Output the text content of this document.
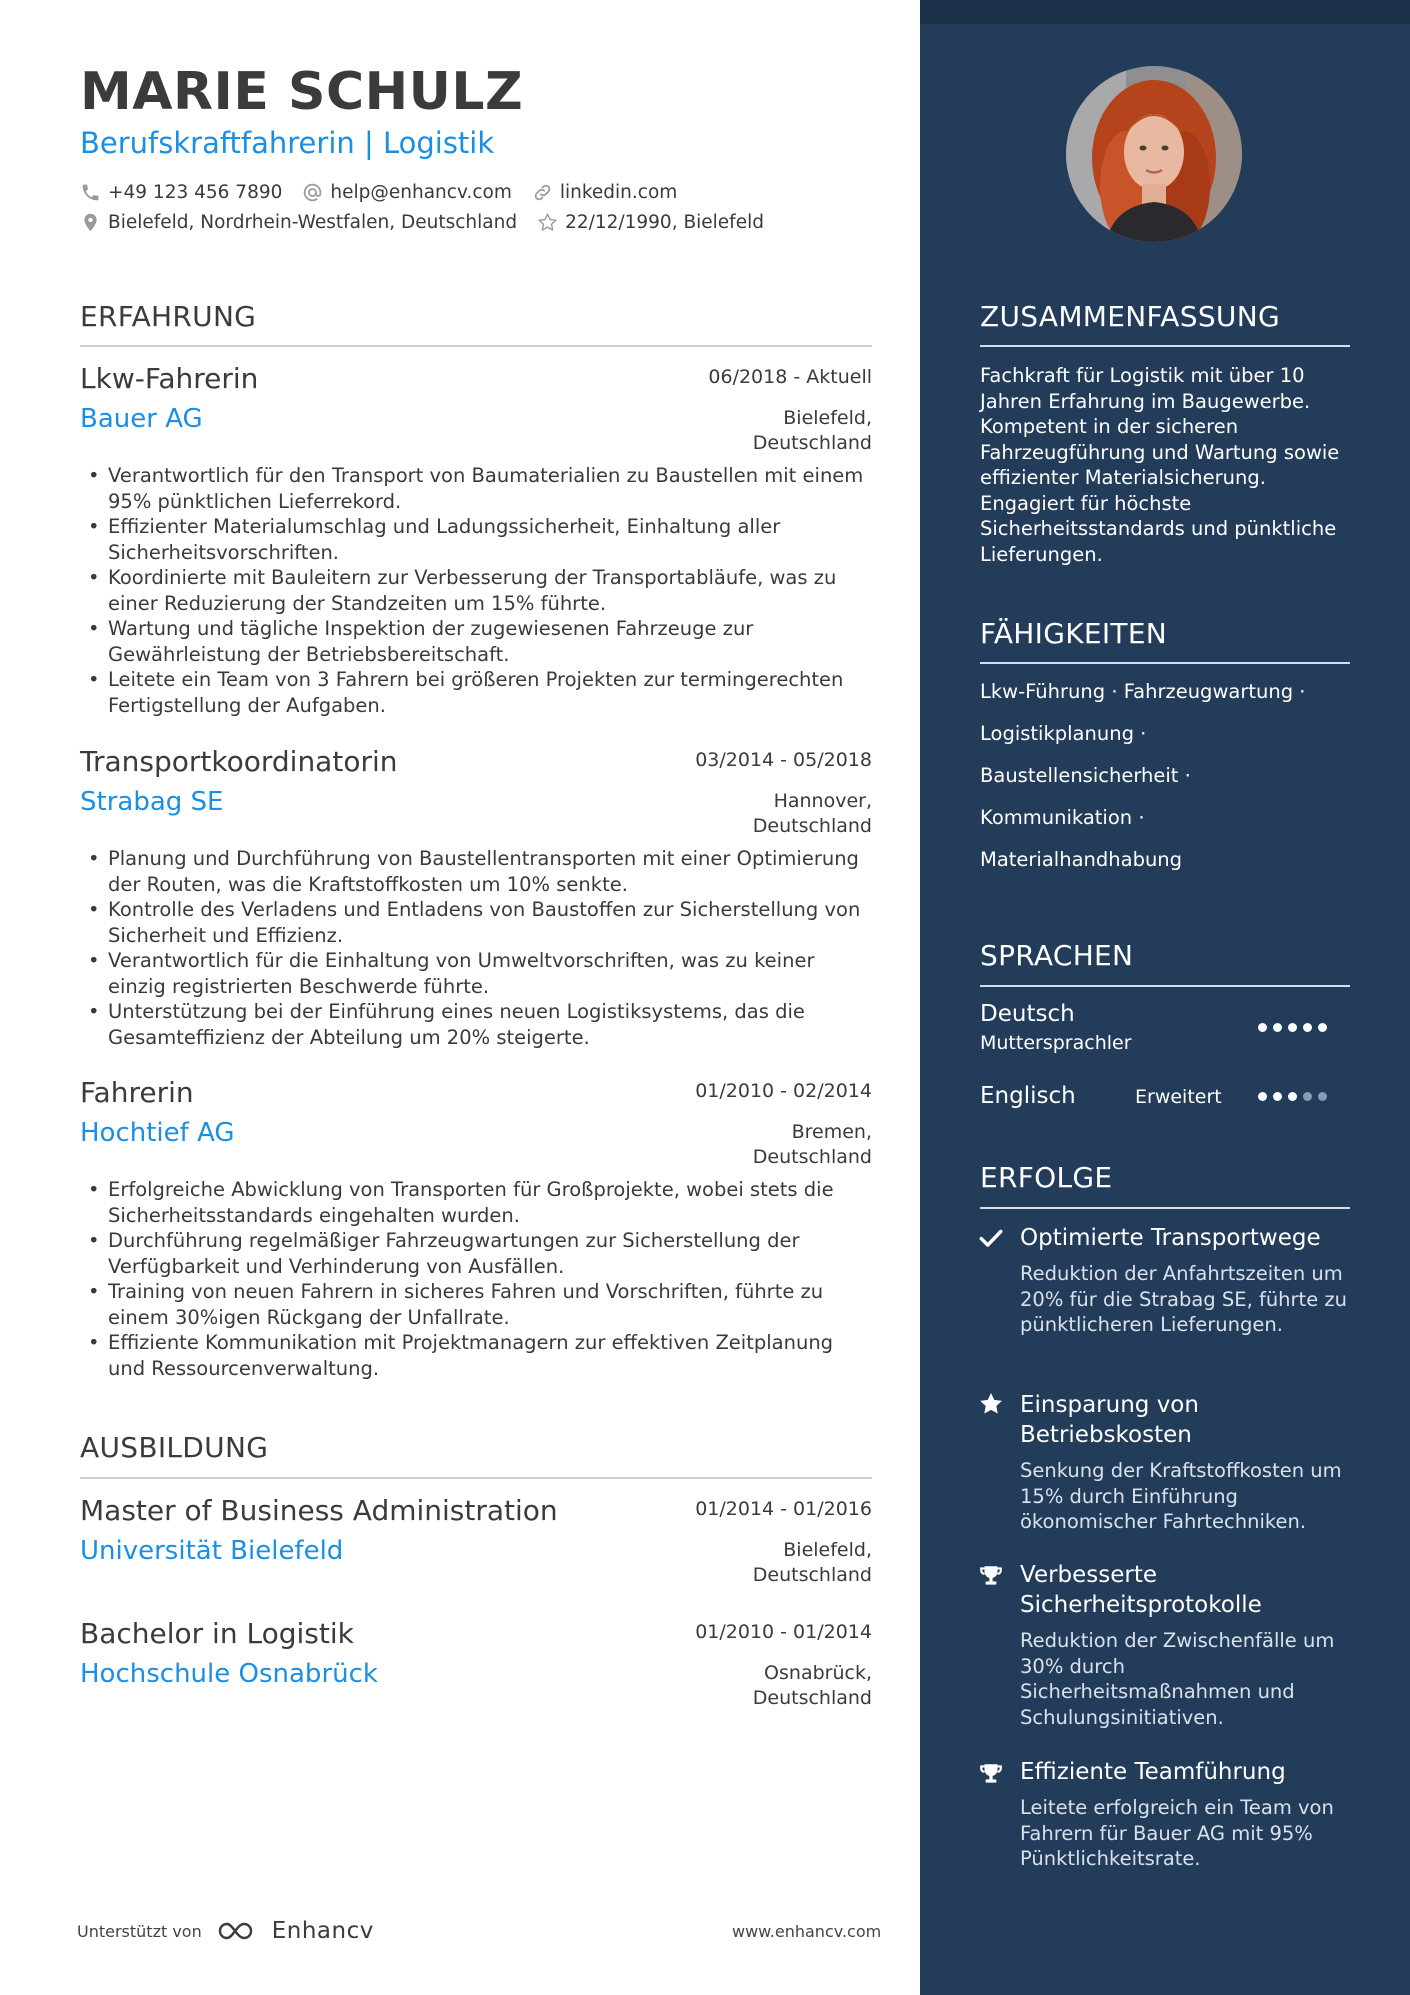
MARIE SCHULZ
Berufskraftfahrerin | Logistik
+49 123 456 7890	help@enhancv.com	linkedin.com
Bielefeld, Nordrhein-Westfalen, Deutschland	22/12/1990, Bielefeld
ERFAHRUNG
Lkw-Fahrerin	06/2018 - Aktuell
Bauer AG	Bielefeld,
Deutschland
• Verantwortlich für den Transport von Baumaterialien zu Baustellen mit einem 95% pünktlichen Lieferrekord.
• Effizienter Materialumschlag und Ladungssicherheit, Einhaltung aller Sicherheitsvorschriften.
• Koordinierte mit Bauleitern zur Verbesserung der Transportabläufe, was zu einer Reduzierung der Standzeiten um 15% führte.
• Wartung und tägliche Inspektion der zugewiesenen Fahrzeuge zur Gewährleistung der Betriebsbereitschaft.
• Leitete ein Team von 3 Fahrern bei größeren Projekten zur termingerechten Fertigstellung der Aufgaben.
Transportkoordinatorin	03/2014 - 05/2018
Strabag SE	Hannover,
Deutschland
• Planung und Durchführung von Baustellentransporten mit einer Optimierung der Routen, was die Kraftstoffkosten um 10% senkte.
• Kontrolle des Verladens und Entladens von Baustoffen zur Sicherstellung von Sicherheit und Effizienz.
• Verantwortlich für die Einhaltung von Umweltvorschriften, was zu keiner einzig registrierten Beschwerde führte.
• Unterstützung bei der Einführung eines neuen Logistiksystems, das die Gesamteffizienz der Abteilung um 20% steigerte.
Fahrerin	01/2010 - 02/2014
Hochtief AG	Bremen,
Deutschland
• Erfolgreiche Abwicklung von Transporten für Großprojekte, wobei stets die Sicherheitsstandards eingehalten wurden.
• Durchführung regelmäßiger Fahrzeugwartungen zur Sicherstellung der Verfügbarkeit und Verhinderung von Ausfällen.
• Training von neuen Fahrern in sicheres Fahren und Vorschriften, führte zu einem 30%igen Rückgang der Unfallrate.
• Effiziente Kommunikation mit Projektmanagern zur effektiven Zeitplanung und Ressourcenverwaltung.
AUSBILDUNG
Master of Business Administration	01/2014 - 01/2016
Universität Bielefeld	Bielefeld,
Deutschland
Bachelor in Logistik	01/2010 - 01/2014
Hochschule Osnabrück	Osnabrück,
Deutschland
Unterstützt von	Enhancv	www.enhancv.com
ZUSAMMENFASSUNG
Fachkraft für Logistik mit über 10 Jahren Erfahrung im Baugewerbe. Kompetent in der sicheren Fahrzeugführung und Wartung sowie effizienter Materialsicherung. Engagiert für höchste Sicherheitsstandards und pünktliche Lieferungen.
FÄHIGKEITEN
Lkw-Führung · Fahrzeugwartung ·
Logistikplanung ·
Baustellensicherheit ·
Kommunikation ·
Materialhandhabung
SPRACHEN
Deutsch
Muttersprachler
Englisch	Erweitert
ERFOLGE
Optimierte Transportwege
Reduktion der Anfahrtszeiten um 20% für die Strabag SE, führte zu pünktlicheren Lieferungen.
Einsparung von Betriebskosten
Senkung der Kraftstoffkosten um 15% durch Einführung ökonomischer Fahrtechniken.
Verbesserte Sicherheitsprotokolle
Reduktion der Zwischenfälle um 30% durch Sicherheitsmaßnahmen und Schulungsinitiativen.
Effiziente Teamführung
Leitete erfolgreich ein Team von Fahrern für Bauer AG mit 95% Pünktlichkeitsrate.
